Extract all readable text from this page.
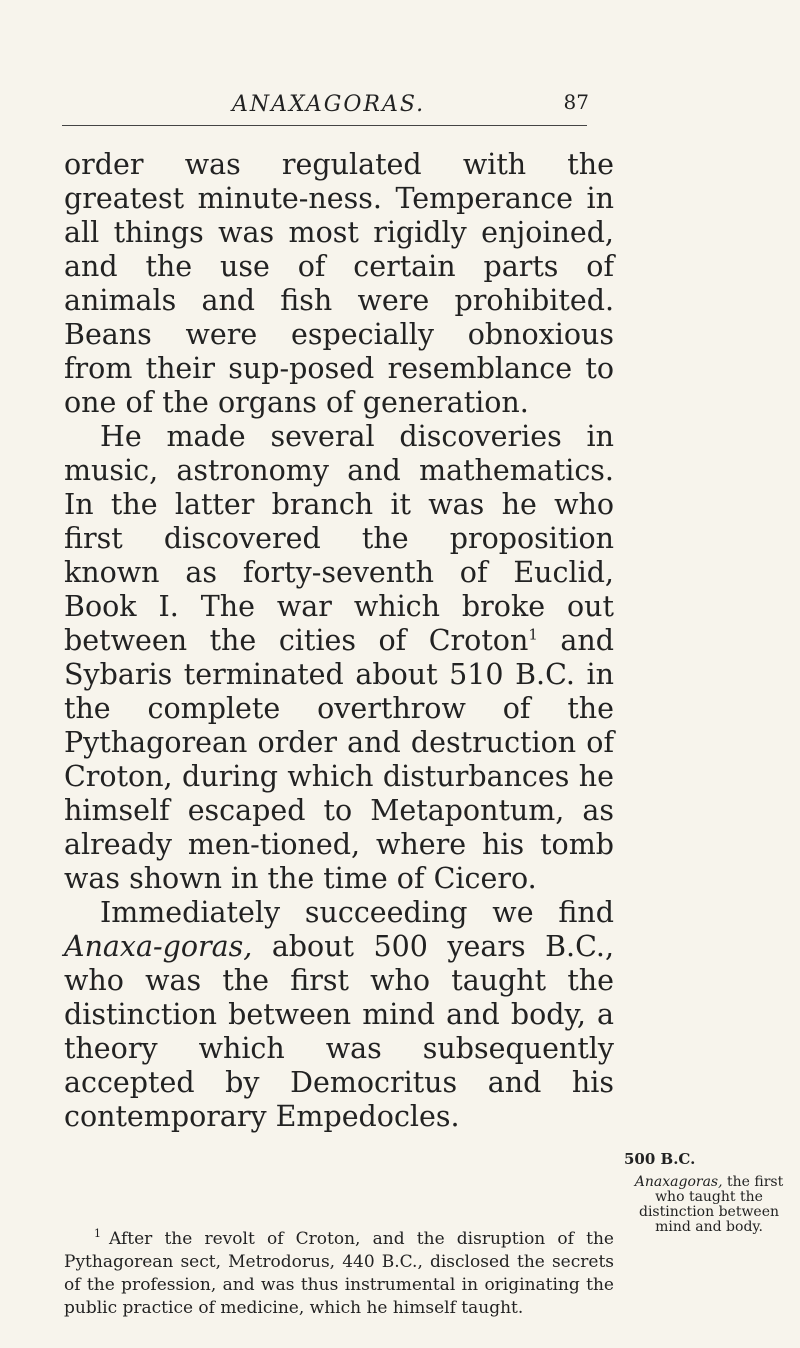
ANAXAGORAS.	87

order was regulated with the greatest minute-ness. Temperance in all things was most rigidly enjoined, and the use of certain parts of animals and fish were prohibited. Beans were especially obnoxious from their sup-posed resemblance to one of the organs of generation.

He made several discoveries in music, astronomy and mathematics. In the latter branch it was he who first discovered the proposition known as forty-seventh of Euclid, Book I. The war which broke out between the cities of Croton$^1$ and Sybaris terminated about 510 B.C. in the complete overthrow of the Pythagorean order and destruction of Croton, during which disturbances he himself escaped to Metapontum, as already men-tioned, where his tomb was shown in the time of Cicero.

Immediately succeeding we find Anaxa-goras, about 500 years B.C., who was the first who taught the distinction between mind and body, a theory which was subsequently accepted by Democritus and his contemporary Empedocles.

500 B.C.
Anaxagoras, the first who taught the distinction between mind and body.
$^1$ After the revolt of Croton, and the disruption of the Pythagorean sect, Metrodorus, 440 B.C., disclosed the secrets of the profession, and was thus instrumental in originating the public practice of medicine, which he himself taught.
